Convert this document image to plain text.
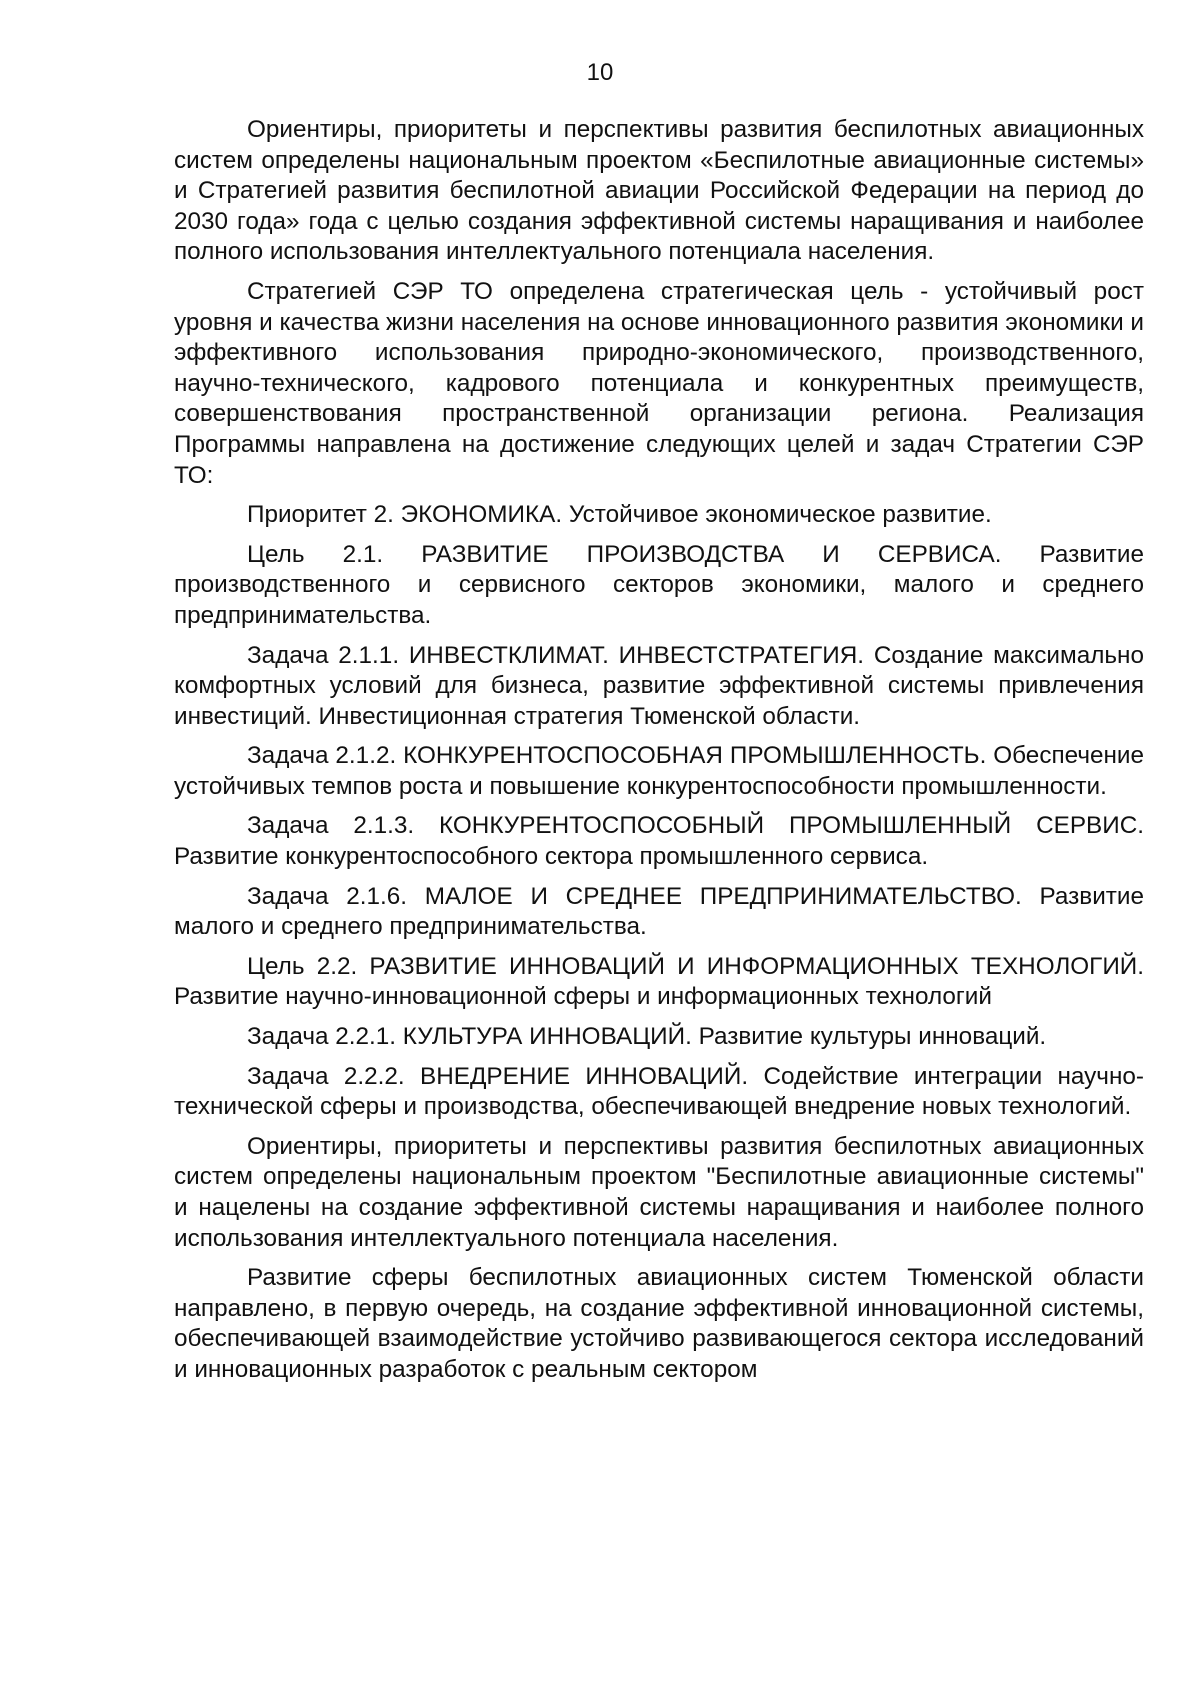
10

Ориентиры, приоритеты и перспективы развития беспилотных авиационных систем определены национальным проектом «Беспилотные авиационные системы» и Стратегией развития беспилотной авиации Российской Федерации на период до 2030 года» года с целью создания эффективной системы наращивания и наиболее полного использования интеллектуального потенциала населения.

Стратегией СЭР ТО определена стратегическая цель - устойчивый рост уровня и качества жизни населения на основе инновационного развития экономики и эффективного использования природно-экономического, производственного, научно-технического, кадрового потенциала и конкурентных преимуществ, совершенствования пространственной организации региона. Реализация Программы направлена на достижение следующих целей и задач Стратегии СЭР ТО:

Приоритет 2. ЭКОНОМИКА. Устойчивое экономическое развитие.

Цель 2.1. РАЗВИТИЕ ПРОИЗВОДСТВА И СЕРВИСА. Развитие производственного и сервисного секторов экономики, малого и среднего предпринимательства.

Задача 2.1.1. ИНВЕСТКЛИМАТ. ИНВЕСТСТРАТЕГИЯ. Создание максимально комфортных условий для бизнеса, развитие эффективной системы привлечения инвестиций. Инвестиционная стратегия Тюменской области.

Задача 2.1.2. КОНКУРЕНТОСПОСОБНАЯ ПРОМЫШЛЕННОСТЬ. Обеспечение устойчивых темпов роста и повышение конкурентоспособности промышленности.

Задача 2.1.3. КОНКУРЕНТОСПОСОБНЫЙ ПРОМЫШЛЕННЫЙ СЕРВИС. Развитие конкурентоспособного сектора промышленного сервиса.

Задача 2.1.6. МАЛОЕ И СРЕДНЕЕ ПРЕДПРИНИМАТЕЛЬСТВО. Развитие малого и среднего предпринимательства.

Цель 2.2. РАЗВИТИЕ ИННОВАЦИЙ И ИНФОРМАЦИОННЫХ ТЕХНОЛОГИЙ. Развитие научно-инновационной сферы и информационных технологий

Задача 2.2.1. КУЛЬТУРА ИННОВАЦИЙ. Развитие культуры инноваций.

Задача 2.2.2. ВНЕДРЕНИЕ ИННОВАЦИЙ. Содействие интеграции научно-технической сферы и производства, обеспечивающей внедрение новых технологий.

Ориентиры, приоритеты и перспективы развития беспилотных авиационных систем определены национальным проектом "Беспилотные авиационные системы" и нацелены на создание эффективной системы наращивания и наиболее полного использования интеллектуального потенциала населения.

Развитие сферы беспилотных авиационных систем Тюменской области направлено, в первую очередь, на создание эффективной инновационной системы, обеспечивающей взаимодействие устойчиво развивающегося сектора исследований и инновационных разработок с реальным сектором
